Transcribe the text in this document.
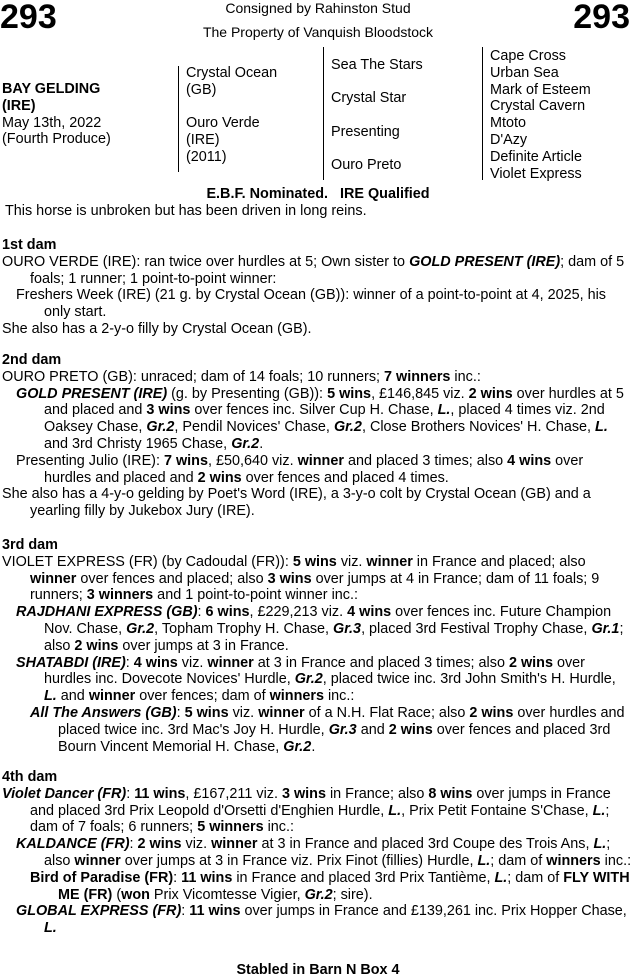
293	293
Consigned by Rahinston Stud
The Property of Vanquish Bloodstock
BAY GELDING
(IRE)
May 13th, 2022
(Fourth Produce)
Crystal Ocean
(GB)
Ouro Verde
(IRE)
(2011)
Sea The Stars
Crystal Star
Presenting
Ouro Preto
Cape Cross
Urban Sea
Mark of Esteem
Crystal Cavern
Mtoto
D'Azy
Definite Article
Violet Express
E.B.F. Nominated.   IRE Qualified
This horse is unbroken but has been driven in long reins.

1st dam

OURO VERDE (IRE): ran twice over hurdles at 5; Own sister to GOLD PRESENT (IRE); dam of 5 foals; 1 runner; 1 point-to-point winner:

Freshers Week (IRE) (21 g. by Crystal Ocean (GB)): winner of a point-to-point at 4, 2025, his only start.

She also has a 2-y-o filly by Crystal Ocean (GB).

2nd dam

OURO PRETO (GB): unraced; dam of 14 foals; 10 runners; 7 winners inc.:

GOLD PRESENT (IRE) (g. by Presenting (GB)): 5 wins, £146,845 viz. 2 wins over hurdles at 5 and placed and 3 wins over fences inc. Silver Cup H. Chase, L., placed 4 times viz. 2nd Oaksey Chase, Gr.2, Pendil Novices' Chase, Gr.2, Close Brothers Novices' H. Chase, L. and 3rd Christy 1965 Chase, Gr.2.

Presenting Julio (IRE): 7 wins, £50,640 viz. winner and placed 3 times; also 4 wins over hurdles and placed and 2 wins over fences and placed 4 times.

She also has a 4-y-o gelding by Poet's Word (IRE), a 3-y-o colt by Crystal Ocean (GB) and a yearling filly by Jukebox Jury (IRE).

3rd dam

VIOLET EXPRESS (FR) (by Cadoudal (FR)): 5 wins viz. winner in France and placed; also winner over fences and placed; also 3 wins over jumps at 4 in France; dam of 11 foals; 9 runners; 3 winners and 1 point-to-point winner inc.:

RAJDHANI EXPRESS (GB): 6 wins, £229,213 viz. 4 wins over fences inc. Future Champion Nov. Chase, Gr.2, Topham Trophy H. Chase, Gr.3, placed 3rd Festival Trophy Chase, Gr.1; also 2 wins over jumps at 3 in France.

SHATABDI (IRE): 4 wins viz. winner at 3 in France and placed 3 times; also 2 wins over hurdles inc. Dovecote Novices' Hurdle, Gr.2, placed twice inc. 3rd John Smith's H. Hurdle, L. and winner over fences; dam of winners inc.:

All The Answers (GB): 5 wins viz. winner of a N.H. Flat Race; also 2 wins over hurdles and placed twice inc. 3rd Mac's Joy H. Hurdle, Gr.3 and 2 wins over fences and placed 3rd Bourn Vincent Memorial H. Chase, Gr.2.

4th dam

Violet Dancer (FR): 11 wins, £167,211 viz. 3 wins in France; also 8 wins over jumps in France and placed 3rd Prix Leopold d'Orsetti d'Enghien Hurdle, L., Prix Petit Fontaine S'Chase, L.; dam of 7 foals; 6 runners; 5 winners inc.:

KALDANCE (FR): 2 wins viz. winner at 3 in France and placed 3rd Coupe des Trois Ans, L.; also winner over jumps at 3 in France viz. Prix Finot (fillies) Hurdle, L.; dam of winners inc.:

Bird of Paradise (FR): 11 wins in France and placed 3rd Prix Tantième, L.; dam of FLY WITH ME (FR) (won Prix Vicomtesse Vigier, Gr.2; sire).

GLOBAL EXPRESS (FR): 11 wins over jumps in France and £139,261 inc. Prix Hopper Chase, L.

Stabled in Barn N Box 4
